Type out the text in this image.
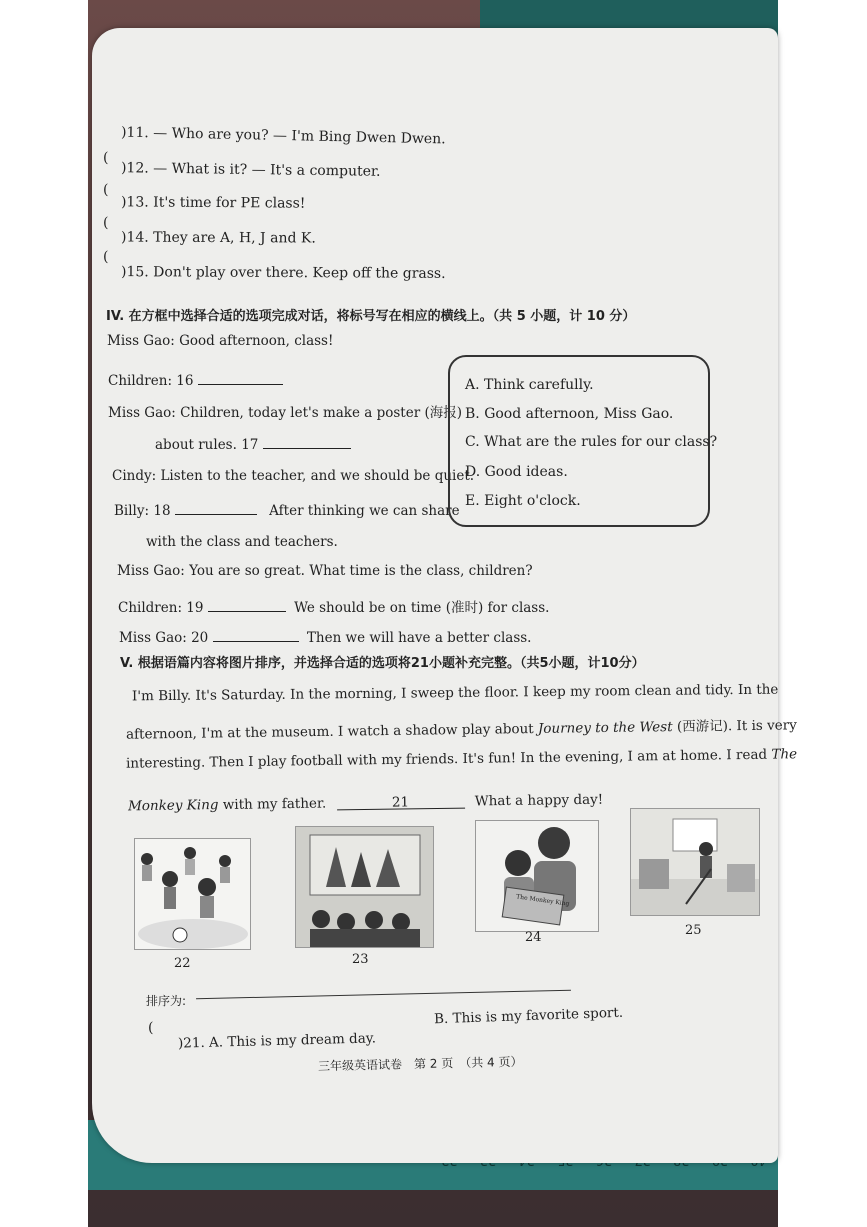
(
)11. — Who are you? — I'm Bing Dwen Dwen.
(
)12. — What is it? — It's a computer.
(
)13. It's time for PE class!
(
)14. They are A, H, J and K.
)15. Don't play over there. Keep off the grass.
IV. 在方框中选择合适的选项完成对话，将标号写在相应的横线上。（共 5 小题，计 10 分）
Miss Gao: Good afternoon, class!
Children: 16
Miss Gao: Children, today let's make a poster (海报)
about rules. 17
Cindy: Listen to the teacher, and we should be quiet.
Billy: 18	After thinking we can share
with the class and teachers.
Miss Gao: You are so great. What time is the class, children?
Children: 19	We should be on time (准时) for class.
Miss Gao: 20	Then we will have a better class.
A. Think carefully.
B. Good afternoon, Miss Gao.
C. What are the rules for our class?
D. Good ideas.
E. Eight o'clock.
V. 根据语篇内容将图片排序，并选择合适的选项将21小题补充完整。（共5小题，计10分）
I'm Billy. It's Saturday. In the morning, I sweep the floor. I keep my room clean and tidy. In the
afternoon, I'm at the museum. I watch a shadow play about Journey to the West (西游记). It is very
interesting. Then I play football with my friends. It's fun! In the evening, I am at home. I read The
Monkey King with my father.	21	What a happy day!
The Monkey King
22	23
24	25
排序为:
(
)21. A. This is my dream day.
B. This is my favorite sport.
三年级英语试卷　第 2 页　（共 4 页）
